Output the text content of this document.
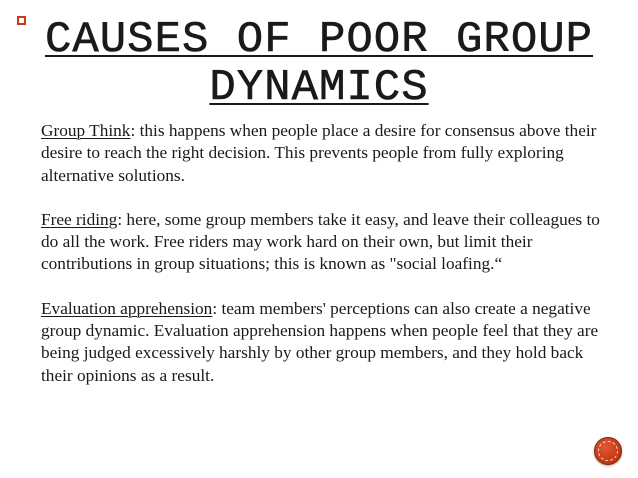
CAUSES OF POOR GROUP
DYNAMICS

Group Think: this happens when people place a desire for consensus above their desire to reach the right decision. This prevents people from fully exploring alternative solutions.

Free riding: here, some group members take it easy, and leave their colleagues to do all the work. Free riders may work hard on their own, but limit their contributions in group situations; this is known as "social loafing.“

Evaluation apprehension: team members' perceptions can also create a negative group dynamic. Evaluation apprehension happens when people feel that they are being judged excessively harshly by other group members, and they hold back their opinions as a result.
